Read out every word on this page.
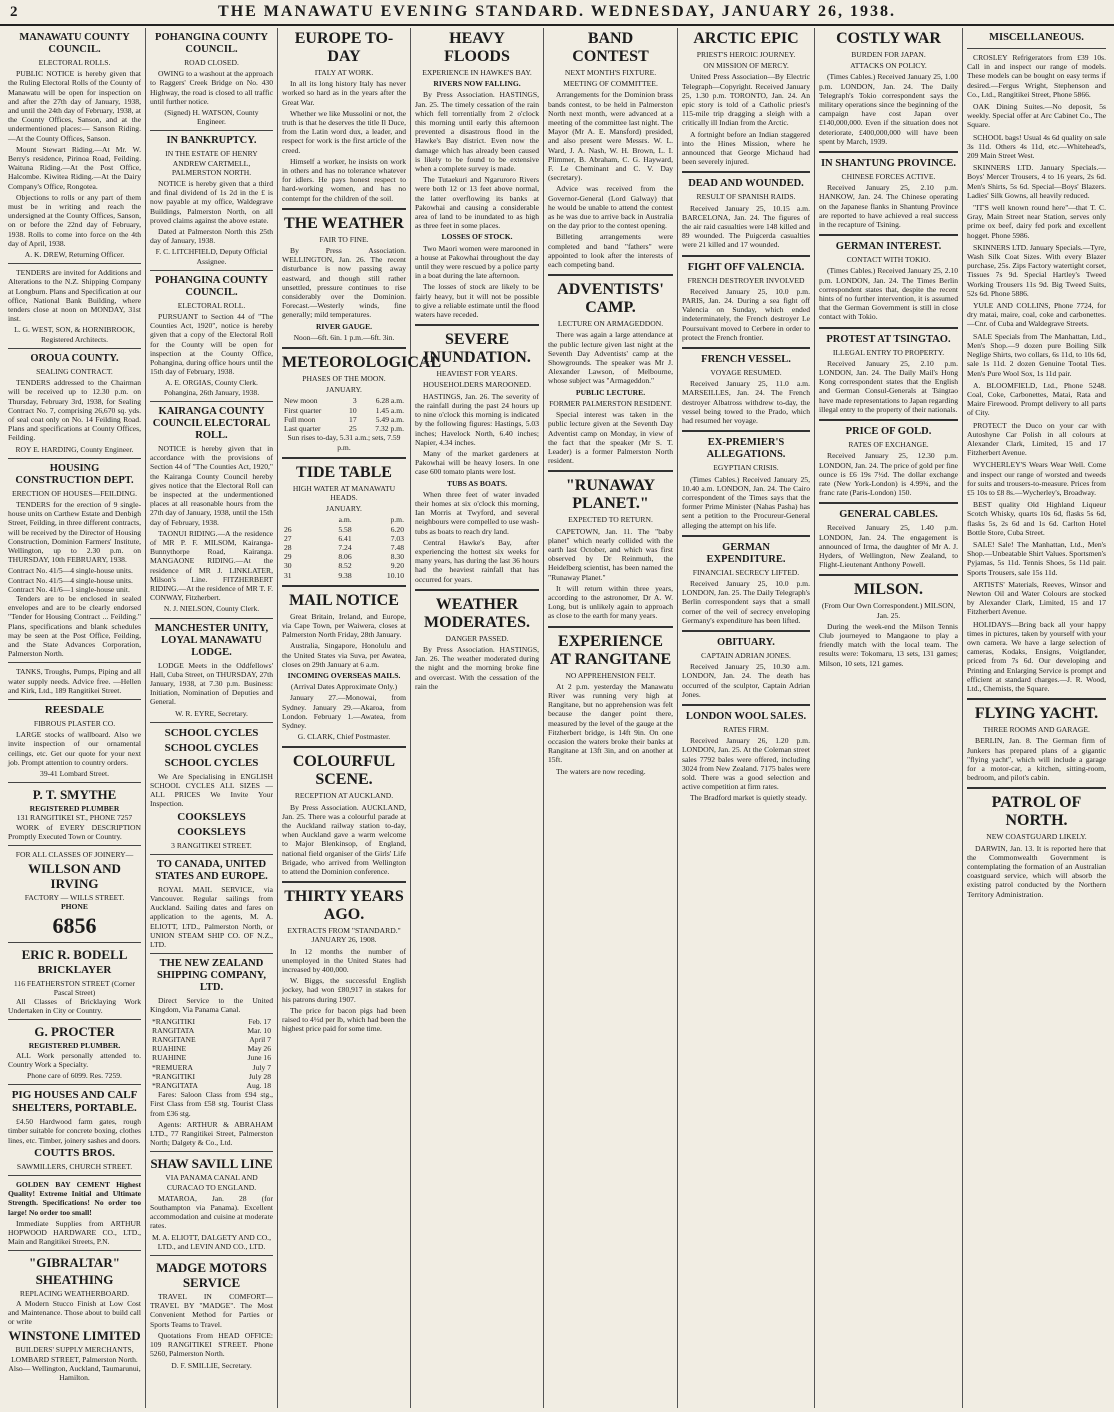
2	THE MANAWATU EVENING STANDARD. WEDNESDAY, JANUARY 26, 1938.
MANAWATU COUNTY COUNCIL.
ELECTORAL ROLLS.

PUBLIC NOTICE is hereby given that the Ruling Electoral Rolls of the County of Manawatu will be open for inspection on and after the 27th day of January, 1938, and until the 24th day of February, 1938, at the County Offices, Sanson, and at the undermentioned places:— Sanson Riding.—At the County Offices, Sanson.

Mount Stewart Riding.—At Mr. W. Berry's residence, Pirinoa Road, Feilding. Waituna Riding.—At the Post Office, Halcombe. Kiwitea Riding.—At the Dairy Company's Office, Rongotea.

Objections to rolls or any part of them must be in writing and reach the undersigned at the County Offices, Sanson, on or before the 22nd day of February, 1938. Rolls to come into force on the 4th day of April, 1938.

A. K. DREW, Returning Officer.

TENDERS are invited for Additions and Alterations to the N.Z. Shipping Company at Longburn. Plans and Specification at our office, National Bank Building, where tenders close at noon on MONDAY, 31st inst.

L. G. WEST, SON, & HORNIBROOK, Registered Architects.
OROUA COUNTY.
SEALING CONTRACT.

TENDERS addressed to the Chairman will be received up to 12.30 p.m. on Thursday, February 3rd, 1938, for Sealing Contract No. 7, comprising 26,670 sq. yds. of seal coat only on No. 14 Feilding Road. Plans and specifications at County Offices, Feilding.

ROY E. HARDING, County Engineer.
HOUSING CONSTRUCTION DEPT.
ERECTION OF HOUSES—FEILDING.

TENDERS for the erection of 9 single-house units on Carthew Estate and Denbigh Street, Feilding, in three different contracts, will be received by the Director of Housing Construction, Dominion Farmers' Institute, Wellington, up to 2.30 p.m. on THURSDAY, 10th FEBRUARY, 1938.

Contract No. 41/5—4 single-house units.
Contract No. 41/5—4 single-house units.
Contract No. 41/6—1 single-house unit.

Tenders are to be enclosed in sealed envelopes and are to be clearly endorsed "Tender for Housing Contract ... Feilding." Plans, specifications and blank schedules may be seen at the Post Office, Feilding, and the State Advances Corporation, Palmerston North.

TANKS, Troughs, Pumps, Piping and all water supply needs. Advice free. —Hellen and Kirk, Ltd., 189 Rangitikei Street.

REESDALE
FIBROUS PLASTER CO.

LARGE stocks of wallboard. Also we invite inspection of our ornamental ceilings, etc. Get our quote for your next job. Prompt attention to country orders.

39-41 Lombard Street.
P. T. SMYTHE
REGISTERED PLUMBER
131 RANGITIKEI ST., PHONE 7257

WORK of EVERY DESCRIPTION Promptly Executed Town or Country.

FOR ALL CLASSES OF JOINERY—
WILLSON AND IRVING
FACTORY — WILLS STREET.
PHONE
6856
ERIC R. BODELL
BRICKLAYER
116 FEATHERSTON STREET (Corner Pascal Street)

All Classes of Bricklaying Work Undertaken in City or Country.

G. PROCTER
REGISTERED PLUMBER.

ALL Work personally attended to. Country Work a Specialty.

Phone care of 6099. Res. 7259.
PIG HOUSES AND CALF SHELTERS, PORTABLE.

£4.50 Hardwood farm gates, rough timber suitable for concrete boxing, clothes lines, etc. Timber, joinery sashes and doors.

COUTTS BROS.
SAWMILLERS, CHURCH STREET.

GOLDEN BAY CEMENT Highest Quality! Extreme Initial and Ultimate Strength. Specifications! No order too large! No order too small!

Immediate Supplies from ARTHUR HOPWOOD HARDWARE CO., LTD., Main and Rangitikei Streets, P.N.

"GIBRALTAR"
SHEATHING
REPLACING WEATHERBOARD.

A Modern Stucco Finish at Low Cost and Maintenance. Those about to build call or write

WINSTONE LIMITED
BUILDERS' SUPPLY MERCHANTS, LOMBARD STREET, Palmerston North.
Also— Wellington, Auckland, Taumarunui, Hamilton.
POHANGINA COUNTY COUNCIL.
ROAD CLOSED.

OWING to a washout at the approach to Raggers' Creek Bridge on No. 430 Highway, the road is closed to all traffic until further notice.

(Signed) H. WATSON, County Engineer.
IN BANKRUPTCY.
IN THE ESTATE OF HENRY ANDREW CARTMELL, PALMERSTON NORTH.

NOTICE is hereby given that a third and final dividend of 1s 2d in the £ is now payable at my office, Waldegrave Buildings, Palmerston North, on all proved claims against the above estate.

Dated at Palmerston North this 25th day of January, 1938.

F. C. LITCHFIELD, Deputy Official Assignee.
POHANGINA COUNTY COUNCIL.
ELECTORAL ROLL.

PURSUANT to Section 44 of "The Counties Act, 1920", notice is hereby given that a copy of the Electoral Roll for the County will be open for inspection at the County Office, Pohangina, during office hours until the 15th day of February, 1938.

A. E. ORGIAS, County Clerk. Pohangina, 26th January, 1938.
KAIRANGA COUNTY COUNCIL ELECTORAL ROLL.

NOTICE is hereby given that in accordance with the provisions of Section 44 of "The Counties Act, 1920," the Kairanga County Council hereby gives notice that the Electoral Roll can be inspected at the undermentioned places at all reasonable hours from the 27th day of January, 1938, until the 15th day of February, 1938.

TAONUI RIDING.—A the residence of MR P. F. MILSOM, Kairanga-Bunnythorpe Road, Kairanga. MANGAONE RIDING.—At the residence of MR J. LINKLATER, Milson's Line. FITZHERBERT RIDING.—At the residence of MR T. F. CONWAY, Fitzherbert.

N. J. NIELSON, County Clerk.
MANCHESTER UNITY, LOYAL MANAWATU LODGE.

LODGE Meets in the Oddfellows' Hall, Cuba Street, on THURSDAY, 27th January, 1938, at 7.30 p.m. Business: Initiation, Nomination of Deputies and General.

W. R. EYRE, Secretary.
SCHOOL CYCLES
SCHOOL CYCLES
SCHOOL CYCLES

We Are Specialising in ENGLISH SCHOOL CYCLES ALL SIZES — ALL PRICES We Invite Your Inspection.

COOKSLEYS
COOKSLEYS
3 RANGITIKEI STREET.
TO CANADA, UNITED STATES AND EUROPE.

ROYAL MAIL SERVICE, via Vancouver. Regular sailings from Auckland. Sailing dates and fares on application to the agents, M. A. ELIOTT, LTD., Palmerston North, or UNION STEAM SHIP CO. OF N.Z., LTD.

THE NEW ZEALAND SHIPPING COMPANY, LTD.

Direct Service to the United Kingdom, Via Panama Canal.

*RANGITIKI	Feb. 17
RANGITATA	Mar. 10
RANGITANE	April 7
RUAHINE	May 26
RUAHINE	June 16
*REMUERA	July 7
*RANGITIKI	July 28
*RANGITATA	Aug. 18

Fares: Saloon Class from £94 stg., First Class from £58 stg. Tourist Class from £36 stg.

Agents: ARTHUR & ABRAHAM LTD., 77 Rangitikei Street, Palmerston North; Dalgety & Co., Ltd.

SHAW SAVILL LINE
VIA PANAMA CANAL AND CURACAO TO ENGLAND.

MATAROA, Jan. 28 (for Southampton via Panama). Excellent accommodation and cuisine at moderate rates.

M. A. ELIOTT, DALGETY AND CO., LTD., and LEVIN AND CO., LTD.
MADGE MOTORS SERVICE

TRAVEL IN COMFORT— TRAVEL BY "MADGE". The Most Convenient Method for Parties or Sports Teams to Travel.

Quotations From HEAD OFFICE: 109 RANGITIKEI STREET. Phone 5260, Palmerston North.

D. F. SMILLIE, Secretary.
EUROPE TO-DAY
ITALY AT WORK.

In all its long history Italy has never worked so hard as in the years after the Great War.

Whether we like Mussolini or not, the truth is that he deserves the title Il Duce, from the Latin word dux, a leader, and respect for work is the first article of the creed.

Himself a worker, he insists on work in others and has no tolerance whatever for idlers. He pays honest respect to hard-working women, and has no contempt for the children of the soil.

THE WEATHER
FAIR TO FINE.

By Press Association. WELLINGTON, Jan. 26. The recent disturbance is now passing away eastward, and though still rather unsettled, pressure continues to rise considerably over the Dominion. Forecast.—Westerly winds, fine generally; mild temperatures.

RIVER GAUGE.
Noon—6ft. 6in. 1 p.m.—6ft. 3in.
METEOROLOGICAL
PHASES OF THE MOON.
JANUARY.
New moon	3	6.28 a.m.
First quarter	10	1.45 a.m.
Full moon	17	5.49 a.m.
Last quarter	25	7.32 p.m.
Sun rises to-day, 5.31 a.m.; sets, 7.59 p.m.
TIDE TABLE
HIGH WATER AT MANAWATU HEADS.
JANUARY.
	a.m.	p.m.
26	5.58	6.20
27	6.41	7.03
28	7.24	7.48
29	8.06	8.30
30	8.52	9.20
31	9.38	10.10
MAIL NOTICE

Great Britain, Ireland, and Europe, via Cape Town, per Waiwera, closes at Palmerston North Friday, 28th January.

Australia, Singapore, Honolulu and the United States via Suva, per Awatea, closes on 29th January at 6 a.m.

INCOMING OVERSEAS MAILS.
(Arrival Dates Approximate Only.)

January 27.—Monowai, from Sydney. January 29.—Akaroa, from London. February 1.—Awatea, from Sydney.

G. CLARK, Chief Postmaster.
COLOURFUL SCENE.
RECEPTION AT AUCKLAND.

By Press Association. AUCKLAND, Jan. 25. There was a colourful parade at the Auckland railway station to-day, when Auckland gave a warm welcome to Major Blenkinsop, of England, national field organiser of the Girls' Life Brigade, who arrived from Wellington to attend the Dominion conference.

THIRTY YEARS AGO.
EXTRACTS FROM "STANDARD." JANUARY 26, 1908.

In 12 months the number of unemployed in the United States had increased by 400,000.

W. Biggs, the successful English jockey, had won £80,917 in stakes for his patrons during 1907.

The price for bacon pigs had been raised to 4½d per lb, which had been the highest price paid for some time.

HEAVY FLOODS
EXPERIENCE IN HAWKE'S BAY.
RIVERS NOW FALLING.

By Press Association. HASTINGS, Jan. 25. The timely cessation of the rain which fell torrentially from 2 o'clock this morning until early this afternoon prevented a disastrous flood in the Hawke's Bay district. Even now the damage which has already been caused is likely to be found to be extensive when a complete survey is made.

The Tutaekuri and Ngaruroro Rivers were both 12 or 13 feet above normal, the latter overflowing its banks at Pakowhai and causing a considerable area of land to be inundated to as high as three feet in some places.

LOSSES OF STOCK.

Two Maori women were marooned in a house at Pakowhai throughout the day until they were rescued by a police party in a boat during the late afternoon.

The losses of stock are likely to be fairly heavy, but it will not be possible to give a reliable estimate until the flood waters have receded.

SEVERE INUNDATION.
HEAVIEST FOR YEARS.
HOUSEHOLDERS MAROONED.

HASTINGS, Jan. 26. The severity of the rainfall during the past 24 hours up to nine o'clock this morning is indicated by the following figures: Hastings, 5.03 inches; Havelock North, 6.40 inches; Napier, 4.34 inches.

Many of the market gardeners at Pakowhai will be heavy losers. In one case 600 tomato plants were lost.

TUBS AS BOATS.

When three feet of water invaded their homes at six o'clock this morning, Ian Morris at Twyford, and several neighbours were compelled to use wash-tubs as boats to reach dry land.

Central Hawke's Bay, after experiencing the hottest six weeks for many years, has during the last 36 hours had the heaviest rainfall that has occurred for years.

WEATHER MODERATES.
DANGER PASSED.

By Press Association. HASTINGS, Jan. 26. The weather moderated during the night and the morning broke fine and overcast. With the cessation of the rain the

BAND CONTEST
NEXT MONTH'S FIXTURE.
MEETING OF COMMITTEE.

Arrangements for the Dominion brass bands contest, to be held in Palmerston North next month, were advanced at a meeting of the committee last night. The Mayor (Mr A. E. Mansford) presided, and also present were Messrs. W. L. Ward, J. A. Nash, W. H. Brown, L. I. Plimmer, B. Abraham, C. G. Hayward, F. Le Cheminant and C. V. Day (secretary).

Advice was received from the Governor-General (Lord Galway) that he would be unable to attend the contest as he was due to arrive back in Australia on the day prior to the contest opening.

Billeting arrangements were completed and band "fathers" were appointed to look after the interests of each competing band.

ADVENTISTS' CAMP.
LECTURE ON ARMAGEDDON.

There was again a large attendance at the public lecture given last night at the Seventh Day Adventists' camp at the Showgrounds. The speaker was Mr J. Alexander Lawson, of Melbourne, whose subject was "Armageddon."

PUBLIC LECTURE.
FORMER PALMERSTON RESIDENT.

Special interest was taken in the public lecture given at the Seventh Day Adventist camp on Monday, in view of the fact that the speaker (Mr S. T. Leader) is a former Palmerston North resident.

"RUNAWAY PLANET."
EXPECTED TO RETURN.

CAPETOWN, Jan. 11. The "baby planet" which nearly collided with the earth last October, and which was first observed by Dr Reinmuth, the Heidelberg scientist, has been named the "Runaway Planet."

It will return within three years, according to the astronomer, Dr A. W. Long, but is unlikely again to approach as close to the earth for many years.

EXPERIENCE AT RANGITANE
NO APPREHENSION FELT.

At 2 p.m. yesterday the Manawatu River was running very high at Rangitane, but no apprehension was felt because the danger point there, measured by the level of the gauge at the Fitzherbert bridge, is 14ft 9in. On one occasion the waters broke their banks at Rangitane at 13ft 3in, and on another at 15ft.

The waters are now receding.

ARCTIC EPIC
PRIEST'S HEROIC JOURNEY.
ON MISSION OF MERCY.

United Press Association—By Electric Telegraph—Copyright. Received January 25, 1.30 p.m. TORONTO, Jan. 24. An epic story is told of a Catholic priest's 115-mile trip dragging a sleigh with a critically ill Indian from the Arctic.

A fortnight before an Indian staggered into the Hines Mission, where he announced that George Michaud had been severely injured.

DEAD AND WOUNDED.
RESULT OF SPANISH RAIDS.

Received January 25, 10.15 a.m. BARCELONA, Jan. 24. The figures of the air raid casualties were 148 killed and 89 wounded. The Puigcerda casualties were 21 killed and 17 wounded.

FIGHT OFF VALENCIA.
FRENCH DESTROYER INVOLVED

Received January 25, 10.0 p.m. PARIS, Jan. 24. During a sea fight off Valencia on Sunday, which ended indeterminately, the French destroyer Le Poursuivant moved to Cerbere in order to protect the French frontier.

FRENCH VESSEL.
VOYAGE RESUMED.

Received January 25, 11.0 a.m. MARSEILLES, Jan. 24. The French destroyer Albatross withdrew to-day, the vessel being towed to the Prado, which had resumed her voyage.

EX-PREMIER'S ALLEGATIONS.
EGYPTIAN CRISIS.

(Times Cables.) Received January 25, 10.40 a.m. LONDON, Jan. 24. The Cairo correspondent of the Times says that the former Prime Minister (Nahas Pasha) has sent a petition to the Procureur-General alleging the attempt on his life.

GERMAN EXPENDITURE.
FINANCIAL SECRECY LIFTED.

Received January 25, 10.0 p.m. LONDON, Jan. 25. The Daily Telegraph's Berlin correspondent says that a small corner of the veil of secrecy enveloping Germany's expenditure has been lifted.

OBITUARY.
CAPTAIN ADRIAN JONES.

Received January 25, 10.30 a.m. LONDON, Jan. 24. The death has occurred of the sculptor, Captain Adrian Jones.

LONDON WOOL SALES.
RATES FIRM.

Received January 26, 1.20 p.m. LONDON, Jan. 25. At the Coleman street sales 7792 bales were offered, including 3024 from New Zealand. 7175 bales were sold. There was a good selection and active competition at firm rates.

The Bradford market is quietly steady.

COSTLY WAR
BURDEN FOR JAPAN.
ATTACKS ON POLICY.

(Times Cables.) Received January 25, 1.00 p.m. LONDON, Jan. 24. The Daily Telegraph's Tokio correspondent says the military operations since the beginning of the campaign have cost Japan over £140,000,000. Even if the situation does not deteriorate, £400,000,000 will have been spent by March, 1939.

IN SHANTUNG PROVINCE.
CHINESE FORCES ACTIVE.

Received January 25, 2.10 p.m. HANKOW, Jan. 24. The Chinese operating on the Japanese flanks in Shantung Province are reported to have achieved a real success in the recapture of Tsining.

GERMAN INTEREST.
CONTACT WITH TOKIO.

(Times Cables.) Received January 25, 2.10 p.m. LONDON, Jan. 24. The Times Berlin correspondent states that, despite the recent hints of no further intervention, it is assumed that the German Government is still in close contact with Tokio.

PROTEST AT TSINGTAO.
ILLEGAL ENTRY TO PROPERTY.

Received January 25, 2.10 p.m. LONDON, Jan. 24. The Daily Mail's Hong Kong correspondent states that the English and German Consul-Generals at Tsingtao have made representations to Japan regarding illegal entry to the property of their nationals.

PRICE OF GOLD.
RATES OF EXCHANGE.

Received January 25, 12.30 p.m. LONDON, Jan. 24. The price of gold per fine ounce is £6 19s 7½d. The dollar exchange rate (New York-London) is 4.99¾, and the franc rate (Paris-London) 150.

GENERAL CABLES.

Received January 25, 1.40 p.m. LONDON, Jan. 24. The engagement is announced of Irma, the daughter of Mr A. J. Hyders, of Wellington, New Zealand, to Flight-Lieutenant Anthony Powell.

MILSON.
(From Our Own Correspondent.) MILSON, Jan. 25.

During the week-end the Milson Tennis Club journeyed to Mangaone to play a friendly match with the local team. The results were: Tokomaru, 13 sets, 131 games; Milson, 10 sets, 121 games.

MISCELLANEOUS.

CROSLEY Refrigerators from £39 10s. Call in and inspect our range of models. These models can be bought on easy terms if desired.—Fergus Wright, Stephenson and Co., Ltd., Rangitikei Street, Phone 5866.

OAK Dining Suites.—No deposit, 5s weekly. Special offer at Arc Cabinet Co., The Square.

SCHOOL bags! Usual 4s 6d quality on sale 3s 11d. Others 4s 11d, etc.—Whitehead's, 209 Main Street West.

SKINNERS LTD. January Specials.—Boys' Mercer Trousers, 4 to 16 years, 2s 6d. Men's Shirts, 5s 6d. Special—Boys' Blazers. Ladies' Silk Gowns, all heavily reduced.

"IT'S well known round here"—that T. C. Gray, Main Street near Station, serves only prime ox beef, dairy fed pork and excellent hogget. Phone 5986.

SKINNERS LTD. January Specials.—Tyre, Wash Silk Coat Sizes. With every Blazer purchase, 25s. Zips Factory watertight corset, Tissues 7s 9d. Special Hartley's Tweed Working Trousers 11s 9d. Big Tweed Suits, 52s 6d. Phone 5886.

YULE AND COLLINS, Phone 7724, for dry matai, maire, coal, coke and carbonettes.—Cnr. of Cuba and Waldegrave Streets.

SALE Specials from The Manhattan, Ltd., Men's Shop.—9 dozen pure Boiling Silk Neglige Shirts, two collars, 6s 11d, to 10s 6d, sale 1s 11d. 2 dozen Genuine Tootal Ties. Men's Pure Wool Sox, 1s 11d pair.

A. BLOOMFIELD, Ltd., Phone 5248. Coal, Coke, Carbonettes, Matai, Rata and Maire Firewood. Prompt delivery to all parts of City.

PROTECT the Duco on your car with Autoshyne Car Polish in all colours at Alexander Clark, Limited, 15 and 17 Fitzherbert Avenue.

WYCHERLEY'S Wears Wear Well. Come and inspect our range of worsted and tweeds for suits and trousers-to-measure. Prices from £5 10s to £8 8s.—Wycherley's, Broadway.

BEST quality Old Highland Liqueur Scotch Whisky, quarts 10s 6d, flasks 5s 6d, flasks 5s, 2s 6d and 1s 6d. Carlton Hotel Bottle Store, Cuba Street.

SALE! Sale! The Manhattan, Ltd., Men's Shop.—Unbeatable Shirt Values. Sportsmen's Pyjamas, 5s 11d. Tennis Shoes, 5s 11d pair. Sports Trousers, sale 15s 11d.

ARTISTS' Materials, Reeves, Winsor and Newton Oil and Water Colours are stocked by Alexander Clark, Limited, 15 and 17 Fitzherbert Avenue.

HOLIDAYS—Bring back all your happy times in pictures, taken by yourself with your own camera. We have a large selection of cameras, Kodaks, Ensigns, Voigtlander, priced from 7s 6d. Our developing and Printing and Enlarging Service is prompt and efficient at standard charges.—J. R. Wood, Ltd., Chemists, the Square.

FLYING YACHT.
THREE ROOMS AND GARAGE.

BERLIN, Jan. 8. The German firm of Junkers has prepared plans of a gigantic "flying yacht", which will include a garage for a motor-car, a kitchen, sitting-room, bedroom, and pilot's cabin.

PATROL OF NORTH.
NEW COASTGUARD LIKELY.

DARWIN, Jan. 13. It is reported here that the Commonwealth Government is contemplating the formation of an Australian coastguard service, which will absorb the existing patrol conducted by the Northern Territory Administration.
